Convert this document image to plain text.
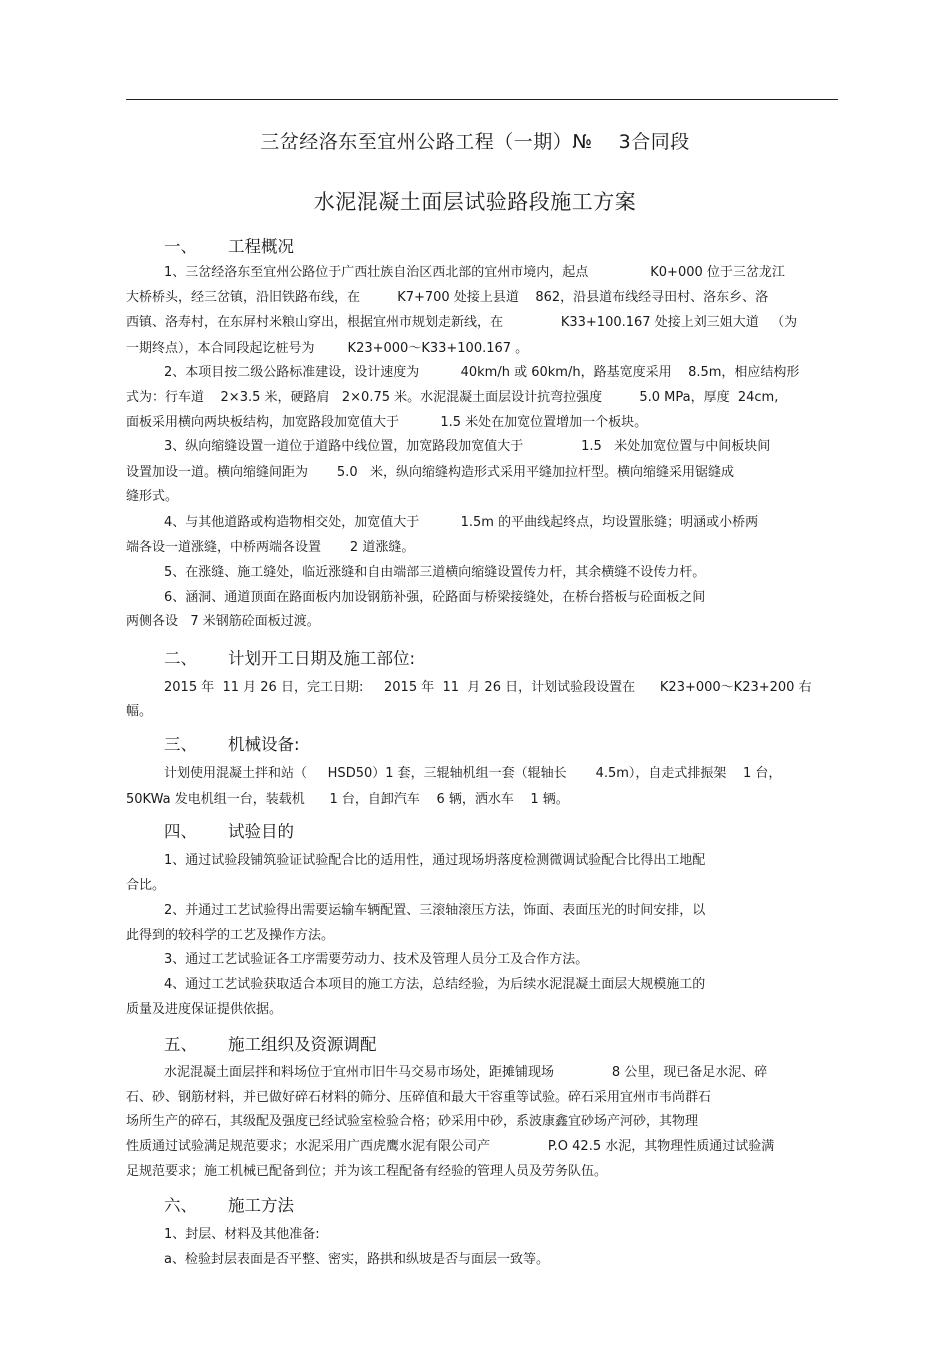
三岔经洛东至宜州公路工程（一期）№    3合同段
水泥混凝土面层试验路段施工方案
一、 工程概况
二、 计划开工日期及施工部位:
三、 机械设备:
四、 试验目的
五、 施工组织及资源调配
六、 施工方法
1、三岔经洛东至宜州公路位于广西壮族自治区西北部的宜州市境内，起点               K0+000 位于三岔龙江
大桥桥头，经三岔镇，沿旧铁路布线，在         K7+700 处接上县道    862，沿县道布线经寻田村、洛东乡、洛
西镇、洛寿村，在东屏村米粮山穿出，根据宜州市规划走新线，在              K33+100.167 处接上刘三姐大道   （为
一期终点），本合同段起讫桩号为        K23+000～K33+100.167 。
2、本项目按二级公路标准建设，设计速度为          40km/h 或 60km/h，路基宽度采用    8.5m，相应结构形
式为：行车道    2×3.5 米，硬路肩   2×0.75 米。水泥混凝土面层设计抗弯拉强度         5.0 MPa，厚度  24cm,
面板采用横向两块板结构，加宽路段加宽值大于          1.5 米处在加宽位置增加一个板块。
3、纵向缩缝设置一道位于道路中线位置，加宽路段加宽值大于              1.5   米处加宽位置与中间板块间
设置加设一道。横向缩缝间距为       5.0   米，纵向缩缝构造形式采用平缝加拉杆型。横向缩缝采用锯缝成
缝形式。
4、与其他道路或构造物相交处，加宽值大于          1.5m 的平曲线起终点，均设置胀缝；明涵或小桥两
端各设一道涨缝，中桥两端各设置       2 道涨缝。
5、在涨缝、施工缝处，临近涨缝和自由端部三道横向缩缝设置传力杆，其余横缝不设传力杆。
6、涵洞、通道顶面在路面板内加设钢筋补强，砼路面与桥梁接缝处，在桥台搭板与砼面板之间
两侧各设   7 米钢筋砼面板过渡。
2015 年  11 月 26 日，完工日期:     2015 年  11  月 26 日，计划试验段设置在      K23+000～K23+200 右
幅。
计划使用混凝土拌和站（     HSD50）1 套，三辊轴机组一套（辊轴长       4.5m），自走式排振架    1 台，
50KWa 发电机组一台，装载机      1 台，自卸汽车    6 辆，洒水车    1 辆。
1、通过试验段铺筑验证试验配合比的适用性，通过现场坍落度检测微调试验配合比得出工地配
合比。
2、并通过工艺试验得出需要运输车辆配置、三滚轴滚压方法，饰面、表面压光的时间安排，以
此得到的较科学的工艺及操作方法。
3、通过工艺试验证各工序需要劳动力、技术及管理人员分工及合作方法。
4、通过工艺试验获取适合本项目的施工方法，总结经验，为后续水泥混凝土面层大规模施工的
质量及进度保证提供依据。
水泥混凝土面层拌和料场位于宜州市旧牛马交易市场处，距摊铺现场              8 公里，现已备足水泥、碎
石、砂、钢筋材料，并已做好碎石材料的筛分、压碎值和最大干容重等试验。碎石采用宜州市韦尚群石
场所生产的碎石，其级配及强度已经试验室检验合格；砂采用中砂，系波康鑫宜砂场产河砂，其物理
性质通过试验满足规范要求；水泥采用广西虎鹰水泥有限公司产              P.O 42.5 水泥，其物理性质通过试验满
足规范要求；施工机械已配备到位；并为该工程配备有经验的管理人员及劳务队伍。
1、封层、材料及其他准备:
a、检验封层表面是否平整、密实，路拱和纵坡是否与面层一致等。
